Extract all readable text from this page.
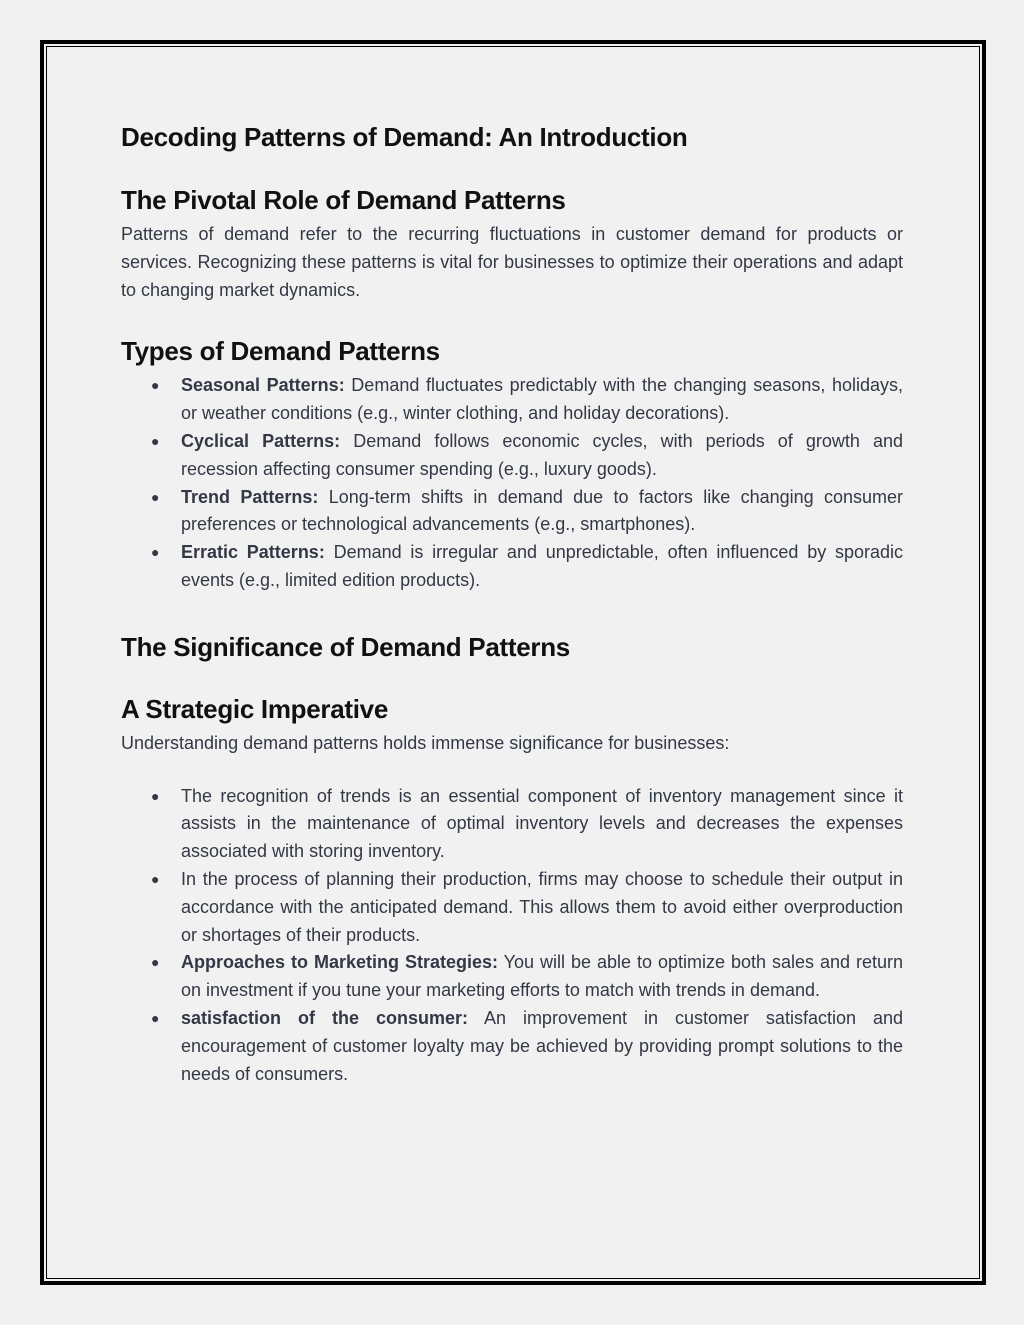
Decoding Patterns of Demand: An Introduction
The Pivotal Role of Demand Patterns

Patterns of demand refer to the recurring fluctuations in customer demand for products or services. Recognizing these patterns is vital for businesses to optimize their operations and adapt to changing market dynamics.

Types of Demand Patterns
● Seasonal Patterns: Demand fluctuates predictably with the changing seasons, holidays, or weather conditions (e.g., winter clothing, and holiday decorations).
● Cyclical Patterns: Demand follows economic cycles, with periods of growth and recession affecting consumer spending (e.g., luxury goods).
● Trend Patterns: Long-term shifts in demand due to factors like changing consumer preferences or technological advancements (e.g., smartphones).
● Erratic Patterns: Demand is irregular and unpredictable, often influenced by sporadic events (e.g., limited edition products).
The Significance of Demand Patterns
A Strategic Imperative

Understanding demand patterns holds immense significance for businesses:

● The recognition of trends is an essential component of inventory management since it assists in the maintenance of optimal inventory levels and decreases the expenses associated with storing inventory.
● In the process of planning their production, firms may choose to schedule their output in accordance with the anticipated demand. This allows them to avoid either overproduction or shortages of their products.
● Approaches to Marketing Strategies: You will be able to optimize both sales and return on investment if you tune your marketing efforts to match with trends in demand.
● satisfaction of the consumer: An improvement in customer satisfaction and encouragement of customer loyalty may be achieved by providing prompt solutions to the needs of consumers.
